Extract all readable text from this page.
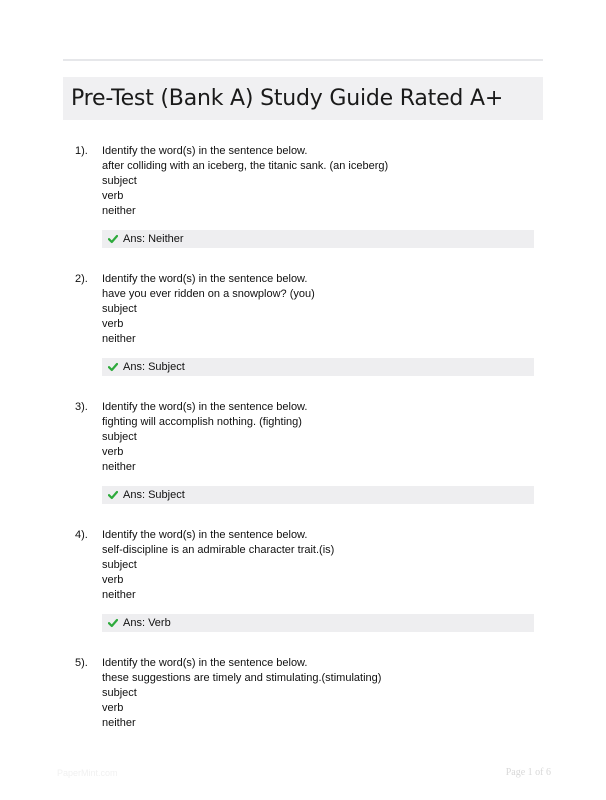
Pre-Test (Bank A) Study Guide Rated A+
1). Identify the word(s) in the sentence below.
after colliding with an iceberg, the titanic sank. (an iceberg)
subject
verb
neither
Ans: Neither
2). Identify the word(s) in the sentence below.
have you ever ridden on a snowplow? (you)
subject
verb
neither
Ans: Subject
3). Identify the word(s) in the sentence below.
fighting will accomplish nothing. (fighting)
subject
verb
neither
Ans: Subject
4). Identify the word(s) in the sentence below.
self-discipline is an admirable character trait.(is)
subject
verb
neither
Ans: Verb
5). Identify the word(s) in the sentence below.
these suggestions are timely and stimulating.(stimulating)
subject
verb
neither
PaperMint.com	Page 1 of 6
